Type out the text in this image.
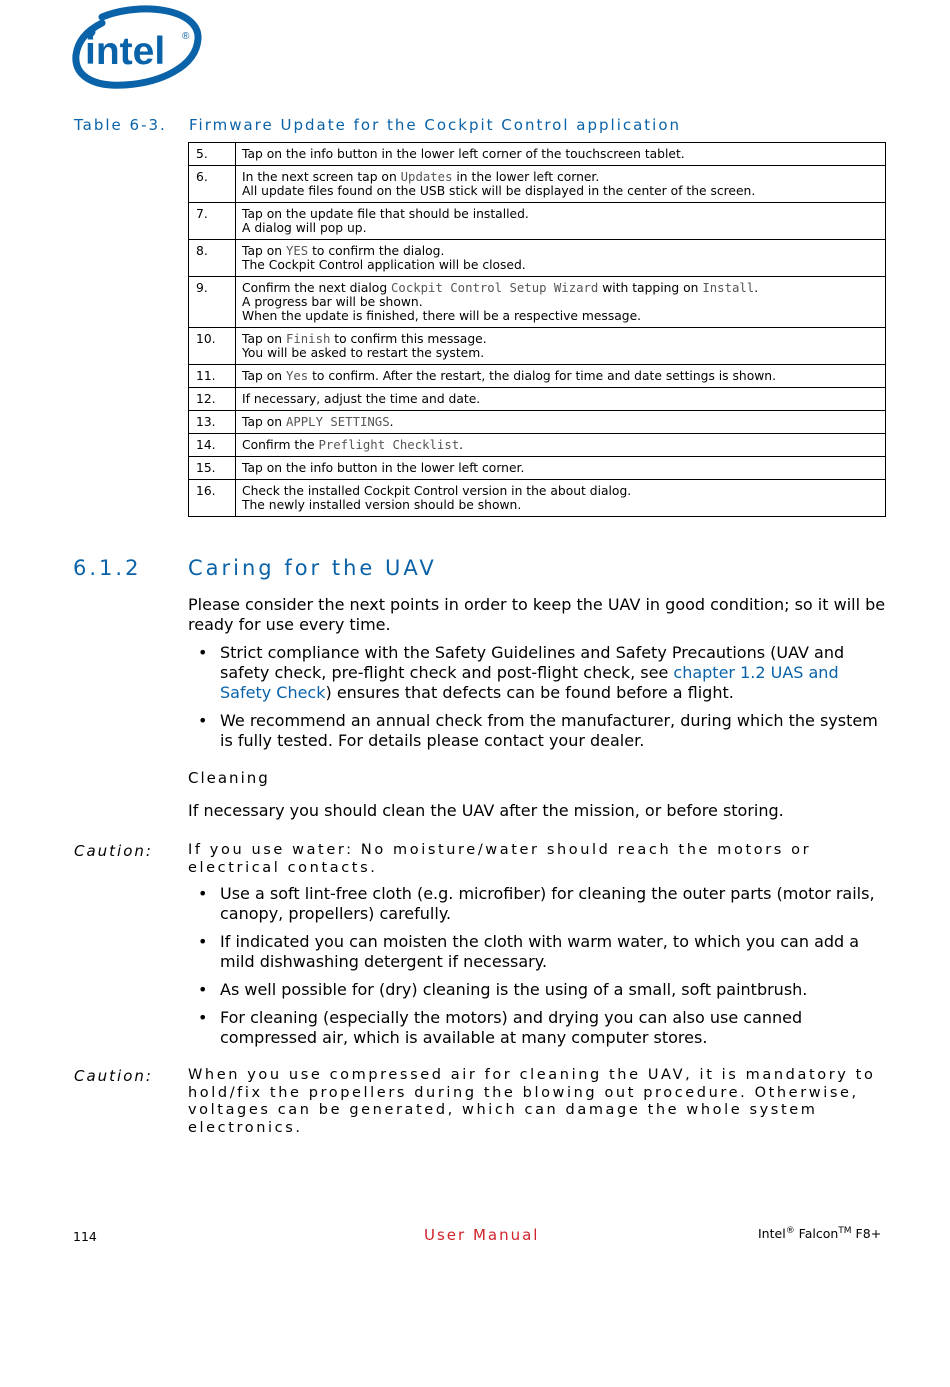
intel ®
Table 6-3. Firmware Update for the Cockpit Control application
5.	Tap on the info button in the lower left corner of the touchscreen tablet.
6.	In the next screen tap on Updates in the lower left corner.
All update files found on the USB stick will be displayed in the center of the screen.
7.	Tap on the update file that should be installed.
A dialog will pop up.
8.	Tap on YES to confirm the dialog.
The Cockpit Control application will be closed.
9.	Confirm the next dialog Cockpit Control Setup Wizard with tapping on Install.
A progress bar will be shown.
When the update is finished, there will be a respective message.
10.	Tap on Finish to confirm this message.
You will be asked to restart the system.
11.	Tap on Yes to confirm. After the restart, the dialog for time and date settings is shown.
12.	If necessary, adjust the time and date.
13.	Tap on APPLY SETTINGS.
14.	Confirm the Preflight Checklist.
15.	Tap on the info button in the lower left corner.
16.	Check the installed Cockpit Control version in the about dialog.
The newly installed version should be shown.
6.1.2 Caring for the UAV
Please consider the next points in order to keep the UAV in good condition; so it will be ready for use every time.
• Strict compliance with the Safety Guidelines and Safety Precautions (UAV and safety check, pre-flight check and post-flight check, see chapter 1.2 UAS and Safety Check) ensures that defects can be found before a flight.
• We recommend an annual check from the manufacturer, during which the system is fully tested. For details please contact your dealer.
Cleaning
If necessary you should clean the UAV after the mission, or before storing.
Caution: If you use water: No moisture/water should reach the motors or electrical contacts.
• Use a soft lint-free cloth (e.g. microfiber) for cleaning the outer parts (motor rails, canopy, propellers) carefully.
• If indicated you can moisten the cloth with warm water, to which you can add a mild dishwashing detergent if necessary.
• As well possible for (dry) cleaning is the using of a small, soft paintbrush.
• For cleaning (especially the motors) and drying you can also use canned compressed air, which is available at many computer stores.
Caution: When you use compressed air for cleaning the UAV, it is mandatory to hold/fix the propellers during the blowing out procedure. Otherwise, voltages can be generated, which can damage the whole system electronics.
114	User Manual	Intel® Falcon™ F8+
